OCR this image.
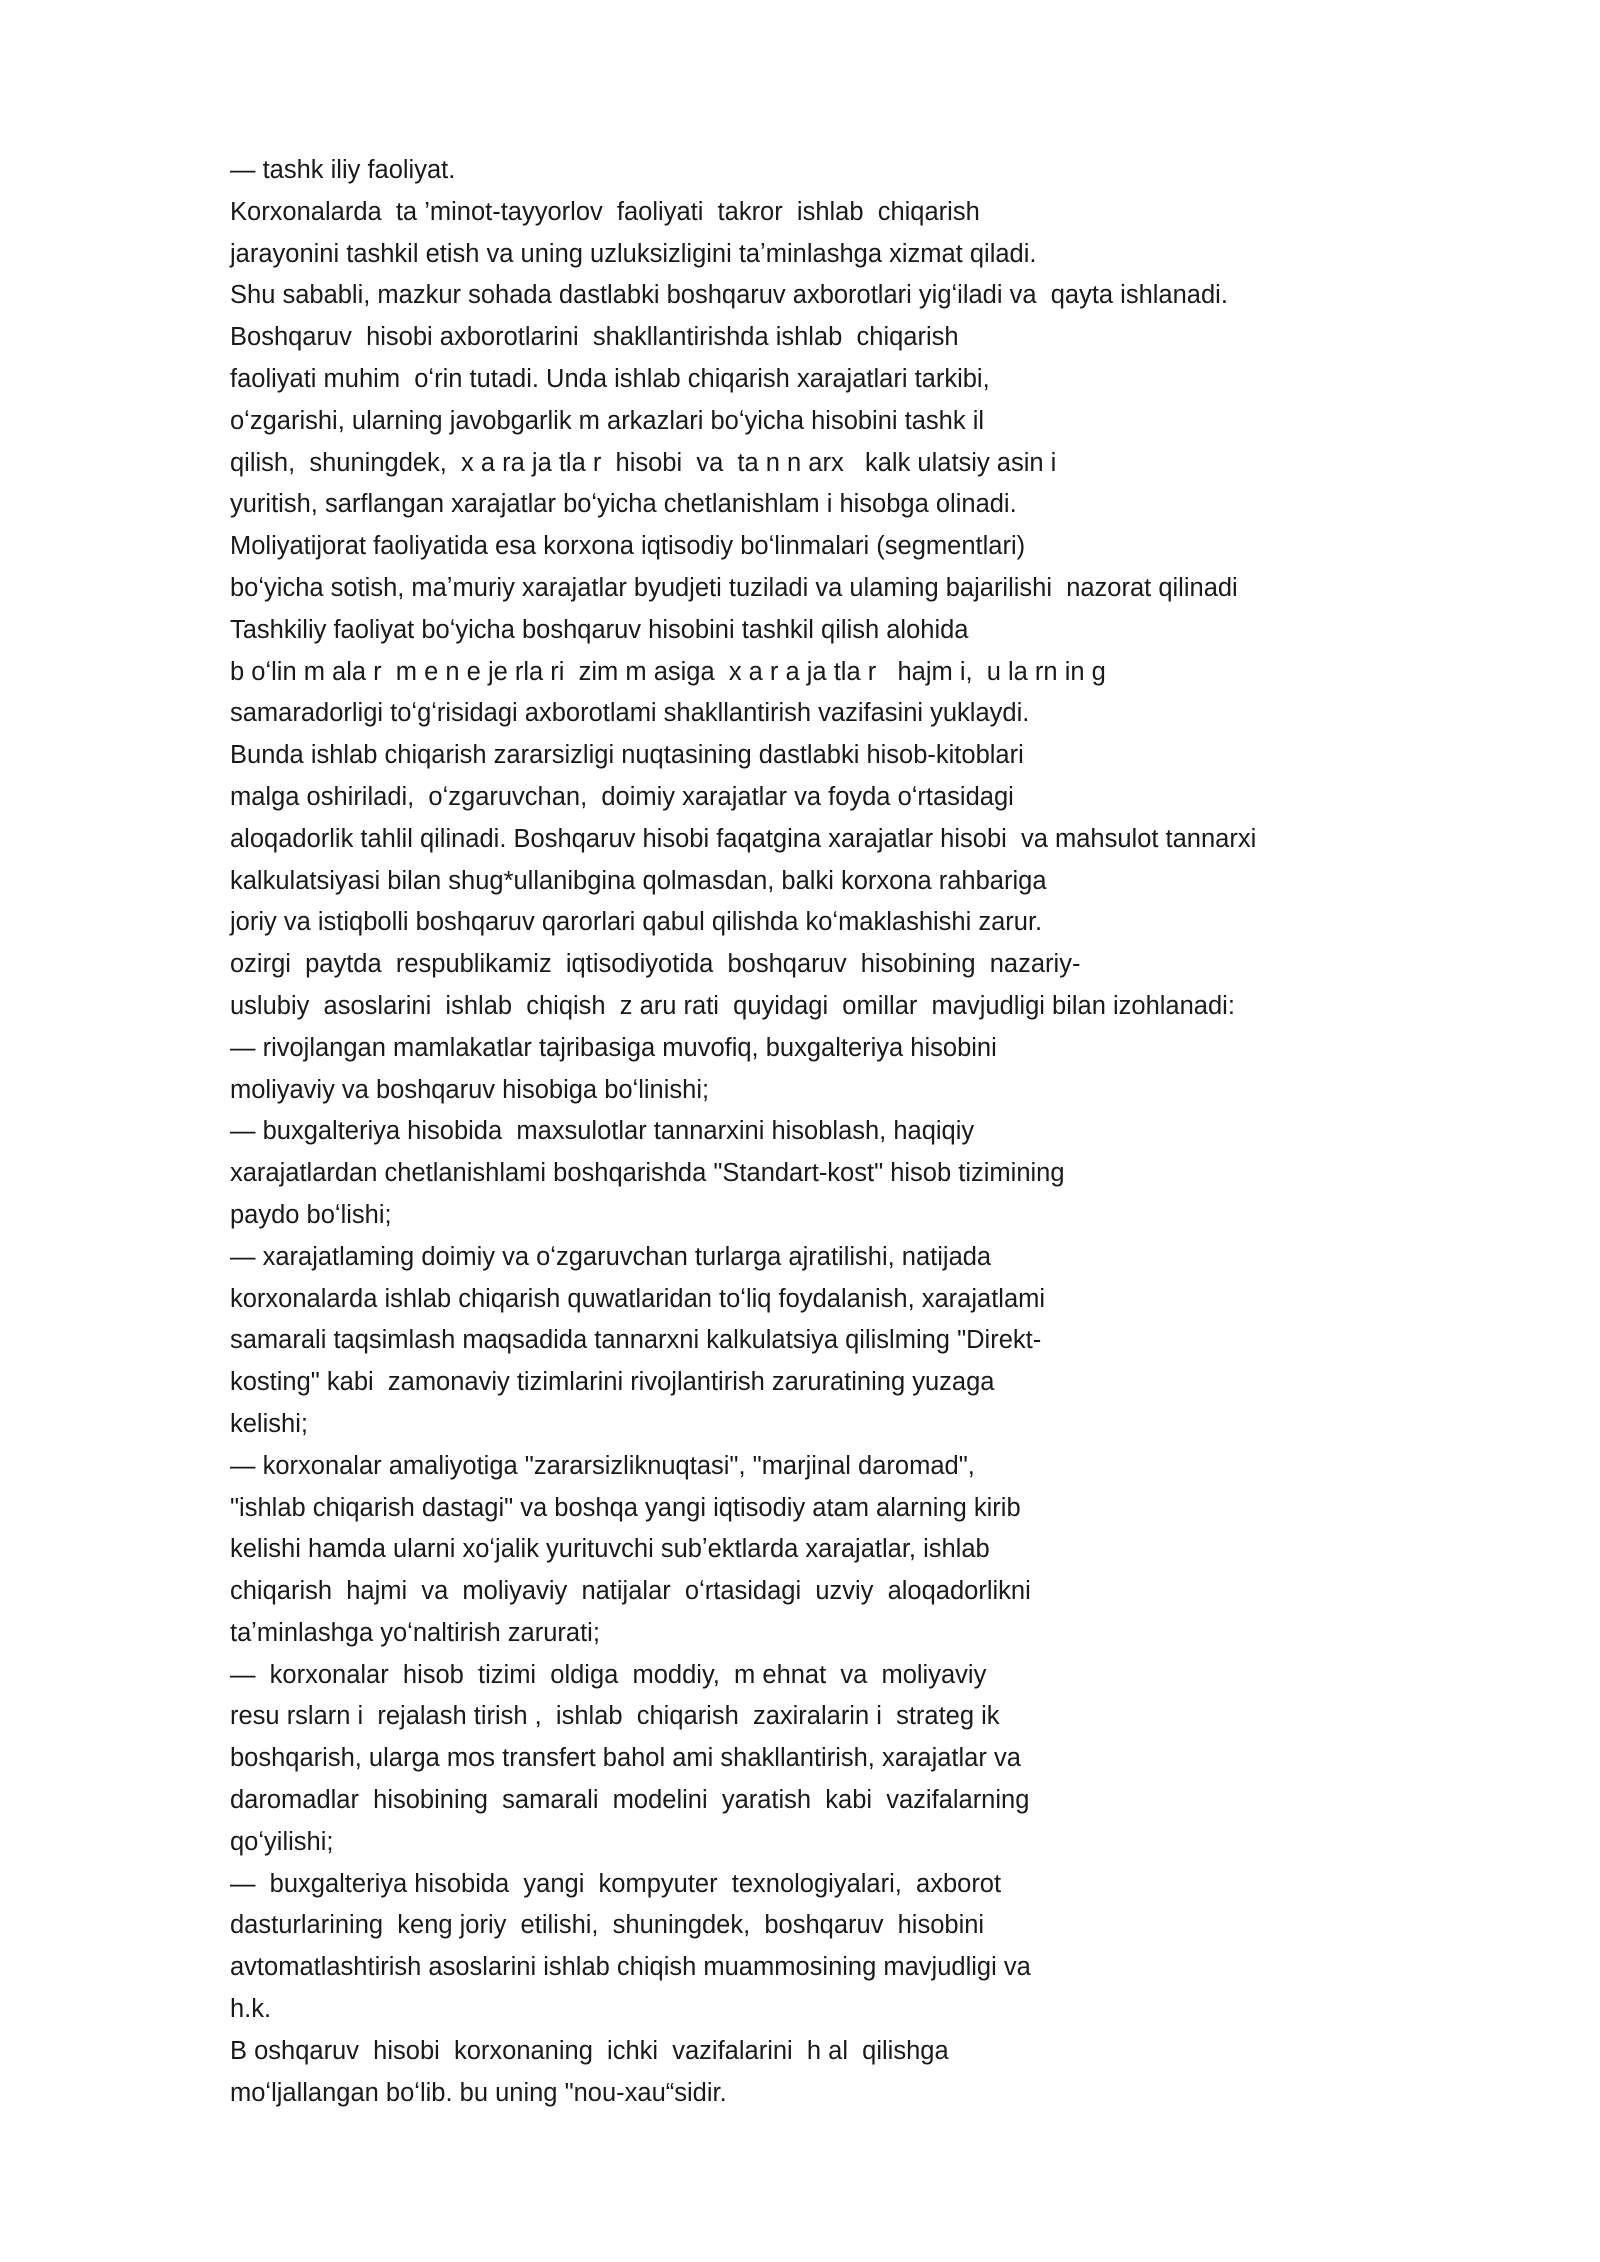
— tashk iliy faoliyat.
Korxonalarda  ta ’minot-tayyorlov  faoliyati  takror  ishlab  chiqarish
jarayonini tashkil etish va uning uzluksizligini taʼminlashga xizmat qiladi.
Shu sababli, mazkur sohada dastlabki boshqaruv axborotlari yigʻiladi va  qayta ishlanadi.
Boshqaruv  hisobi axborotlarini  shakllantirishda ishlab  chiqarish
faoliyati muhim  oʻrin tutadi. Unda ishlab chiqarish xarajatlari tarkibi,
oʻzgarishi, ularning javobgarlik m arkazlari boʻyicha hisobini tashk il
qilish,  shuningdek,  x a ra ja tla r  hisobi  va  ta n n arx   kalk ulatsiy asin i
yuritish, sarflangan xarajatlar boʻyicha chetlanishlam i hisobga olinadi.
Moliyatijorat faoliyatida esa korxona iqtisodiy boʻlinmalari (segmentlari)
boʻyicha sotish, maʼmuriy xarajatlar byudjeti tuziladi va ulaming bajarilishi  nazorat qilinadi
Tashkiliy faoliyat boʻyicha boshqaruv hisobini tashkil qilish alohida
b oʻlin m ala r  m e n e je rla ri  zim m asiga  x a r a ja tla r   hajm i,  u la rn in g
samaradorligi toʻgʻrisidagi axborotlami shakllantirish vazifasini yuklaydi.
Bunda ishlab chiqarish zararsizligi nuqtasining dastlabki hisob-kitoblari
malga oshiriladi,  oʻzgaruvchan,  doimiy xarajatlar va foyda oʻrtasidagi
aloqadorlik tahlil qilinadi. Boshqaruv hisobi faqatgina xarajatlar hisobi  va mahsulot tannarxi
kalkulatsiyasi bilan shug*ullanibgina qolmasdan, balki korxona rahbariga
joriy va istiqbolli boshqaruv qarorlari qabul qilishda koʻmaklashishi zarur.
ozirgi  paytda  respublikamiz  iqtisodiyotida  boshqaruv  hisobining  nazariy-
uslubiy  asoslarini  ishlab  chiqish  z aru rati  quyidagi  omillar  mavjudligi bilan izohlanadi:
— rivojlangan mamlakatlar tajribasiga muvofiq, buxgalteriya hisobini
moliyaviy va boshqaruv hisobiga boʻlinishi;
— buxgalteriya hisobida  maxsulotlar tannarxini hisoblash, haqiqiy
xarajatlardan chetlanishlami boshqarishda "Standart-kost" hisob tizimining
paydo boʻlishi;
— xarajatlaming doimiy va oʻzgaruvchan turlarga ajratilishi, natijada
korxonalarda ishlab chiqarish quwatlaridan toʻliq foydalanish, xarajatlami
samarali taqsimlash maqsadida tannarxni kalkulatsiya qilislming "Direkt-
kosting" kabi  zamonaviy tizimlarini rivojlantirish zaruratining yuzaga
kelishi;
— korxonalar amaliyotiga "zararsizliknuqtasi", "marjinal daromad",
"ishlab chiqarish dastagi" va boshqa yangi iqtisodiy atam alarning kirib
kelishi hamda ularni xoʻjalik yurituvchi subʼektlarda xarajatlar, ishlab
chiqarish  hajmi  va  moliyaviy  natijalar  oʻrtasidagi  uzviy  aloqadorlikni
taʼminlashga yoʻnaltirish zarurati;
—  korxonalar  hisob  tizimi  oldiga  moddiy,  m ehnat  va  moliyaviy
resu rslarn i  rejalash tirish ,  ishlab  chiqarish  zaxiralarin i  strateg ik
boshqarish, ularga mos transfert bahol ami shakllantirish, xarajatlar va
daromadlar  hisobining  samarali  modelini  yaratish  kabi  vazifalarning
qoʻyilishi;
—  buxgalteriya hisobida  yangi  kompyuter  texnologiyalari,  axborot
dasturlarining  keng joriy  etilishi,  shuningdek,  boshqaruv  hisobini
avtomatlashtirish asoslarini ishlab chiqish muammosining mavjudligi va
h.k.
B oshqaruv  hisobi  korxonaning  ichki  vazifalarini  h al  qilishga
moʻljallangan boʻlib. bu uning "nou-xau“sidir.
